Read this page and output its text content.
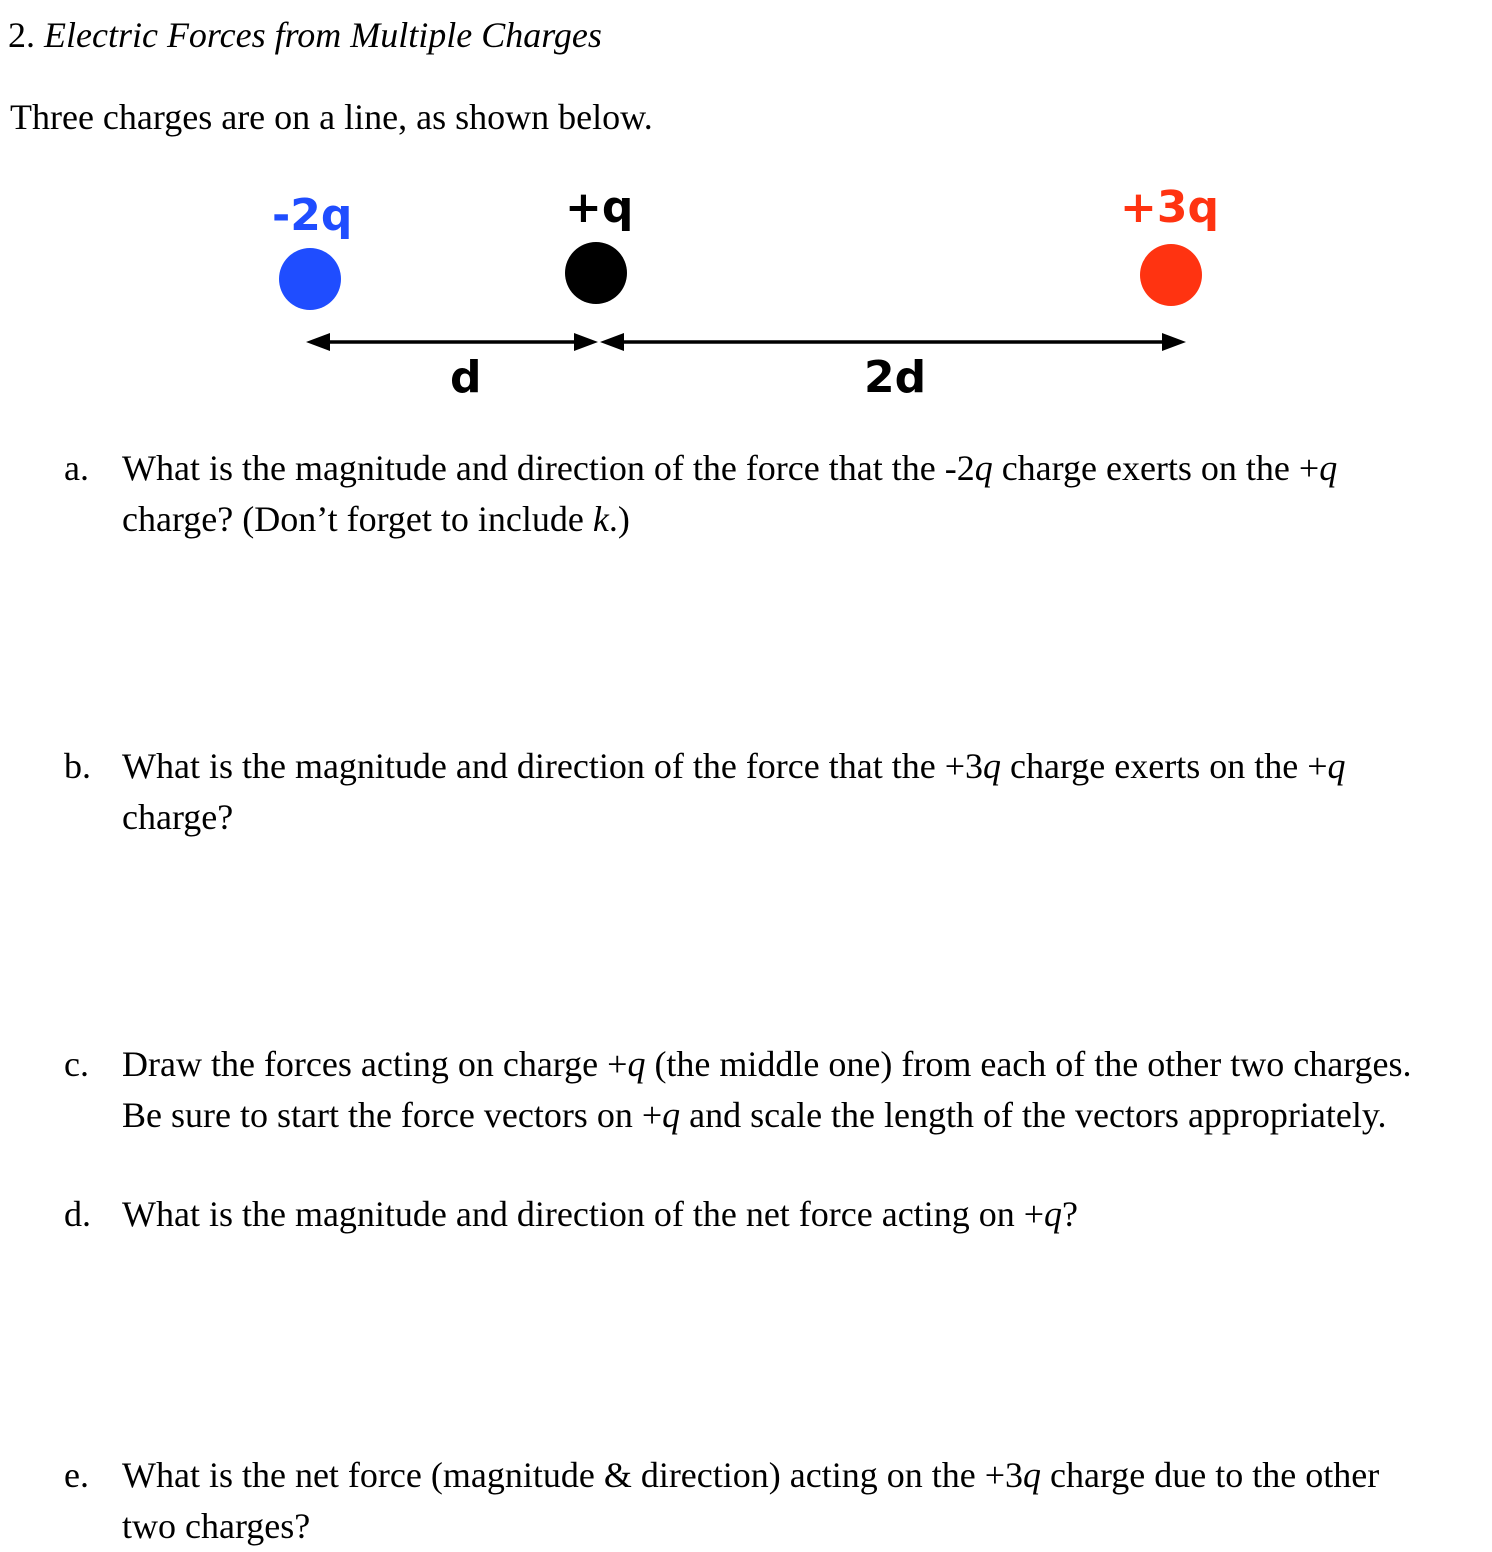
2. Electric Forces from Multiple Charges
Three charges are on a line, as shown below.
-2q	+q	+3q
d	2d
a. What is the magnitude and direction of the force that the -2q charge exerts on the +q
charge? (Don’t forget to include k.)
b. What is the magnitude and direction of the force that the +3q charge exerts on the +q
charge?
c. Draw the forces acting on charge +q (the middle one) from each of the other two charges.
Be sure to start the force vectors on +q and scale the length of the vectors appropriately.
d. What is the magnitude and direction of the net force acting on +q?
e. What is the net force (magnitude & direction) acting on the +3q charge due to the other
two charges?
